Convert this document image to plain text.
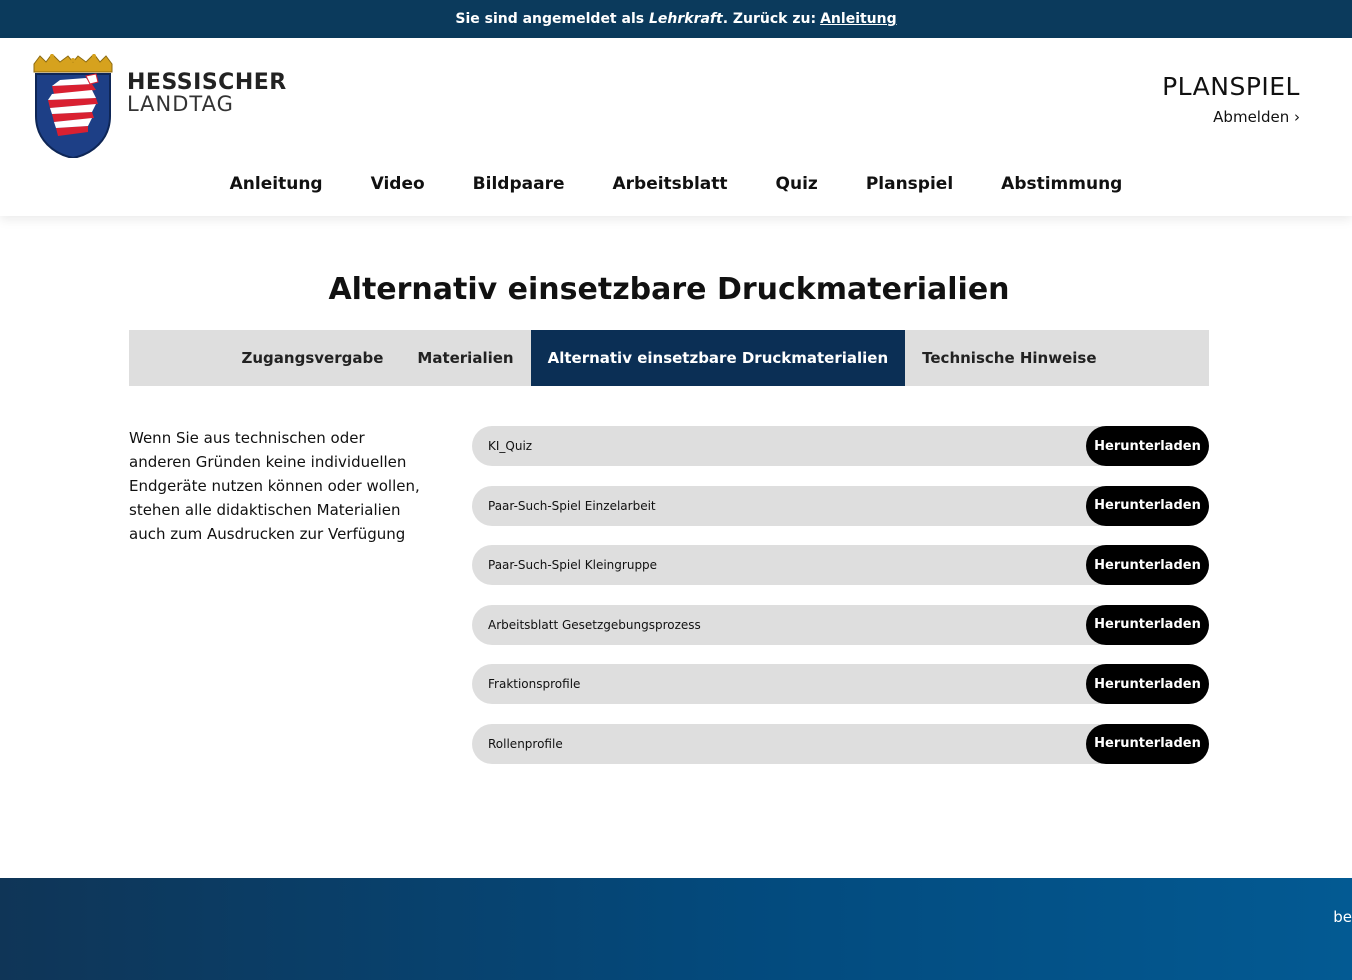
Sie sind angemeldet als
Lehrkraft . Zurück zu: Anleitung
HESSISCHER
LANDTAG
PLANSPIEL
Abmelden ›
Anleitung	Video	Bildpaare	Arbeitsblatt	Quiz	Planspiel	Abstimmung
Alternativ einsetzbare Druckmaterialien
Zugangsvergabe	Materialien	Alternativ einsetzbare Druckmaterialien	Technische Hinweise

Wenn Sie aus technischen oder anderen Gründen keine individuellen Endgeräte nutzen können oder wollen, stehen alle didaktischen Materialien auch zum Ausdrucken zur Verfügung

KI_Quiz	Herunterladen
Paar-Such-Spiel Einzelarbeit	Herunterladen
Paar-Such-Spiel Kleingruppe	Herunterladen
Arbeitsblatt Gesetzgebungsprozess	Herunterladen
Fraktionsprofile	Herunterladen
Rollenprofile	Herunterladen
be
